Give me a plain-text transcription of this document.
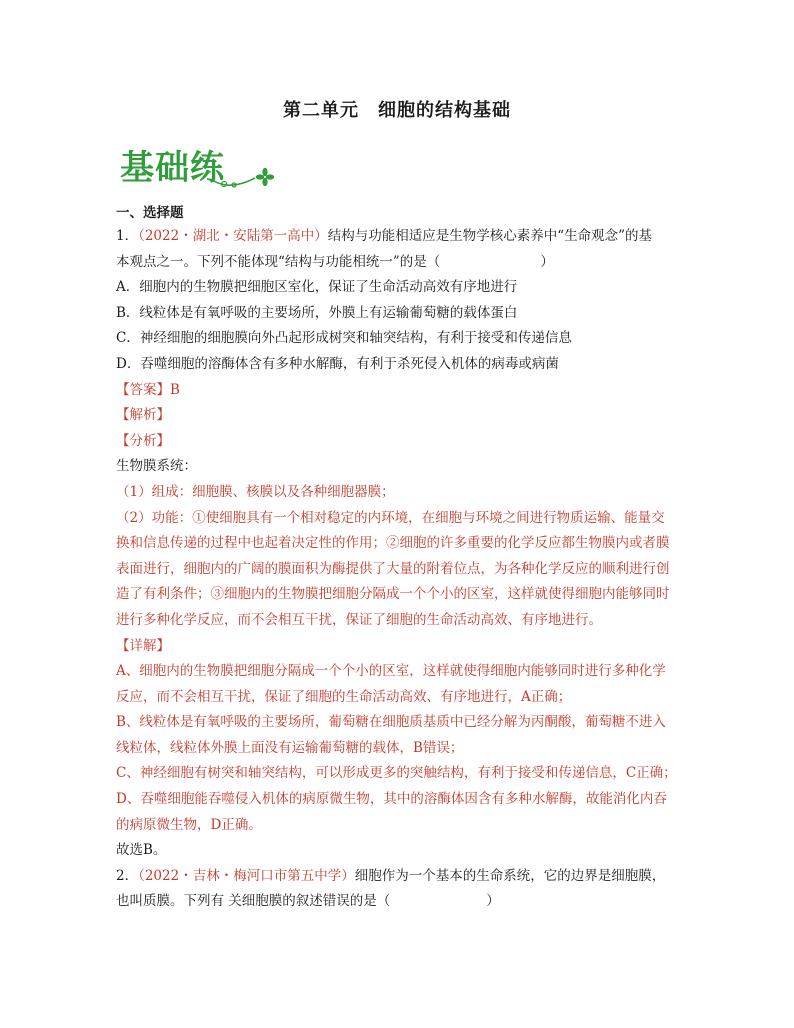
第二单元　细胞的结构基础
基础练
一、选择题
1．（2022・湖北・安陆第一高中）结构与功能相适应是生物学核心素养中“生命观念”的基
本观点之一。下列不能体现“结构与功能相统一”的是（	）
A．细胞内的生物膜把细胞区室化，保证了生命活动高效有序地进行
B．线粒体是有氧呼吸的主要场所，外膜上有运输葡萄糖的载体蛋白
C．神经细胞的细胞膜向外凸起形成树突和轴突结构，有利于接受和传递信息
D．吞噬细胞的溶酶体含有多种水解酶，有利于杀死侵入机体的病毒或病菌
【答案】B
【解析】
【分析】
生物膜系统：
（1）组成：细胞膜、核膜以及各种细胞器膜；
（2）功能：①使细胞具有一个相对稳定的内环境，在细胞与环境之间进行物质运输、能量交
换和信息传递的过程中也起着决定性的作用；②细胞的许多重要的化学反应都生物膜内或者膜
表面进行，细胞内的广阔的膜面积为酶提供了大量的附着位点，为各种化学反应的顺利进行创
造了有利条件；③细胞内的生物膜把细胞分隔成一个个小的区室，这样就使得细胞内能够同时
进行多种化学反应，而不会相互干扰，保证了细胞的生命活动高效、有序地进行。
【详解】
A、细胞内的生物膜把细胞分隔成一个个小的区室，这样就使得细胞内能够同时进行多种化学
反应，而不会相互干扰，保证了细胞的生命活动高效、有序地进行，A正确；
B、线粒体是有氧呼吸的主要场所，葡萄糖在细胞质基质中已经分解为丙酮酸，葡萄糖不进入
线粒体，线粒体外膜上面没有运输葡萄糖的载体，B错误；
C、神经细胞有树突和轴突结构，可以形成更多的突触结构，有利于接受和传递信息，C正确；
D、吞噬细胞能吞噬侵入机体的病原微生物，其中的溶酶体因含有多种水解酶，故能消化内吞
的病原微生物，D正确。
故选B。
2．（2022・吉林・梅河口市第五中学）细胞作为一个基本的生命系统，它的边界是细胞膜，
也叫质膜。下列有 关细胞膜的叙述错误的是（	）
